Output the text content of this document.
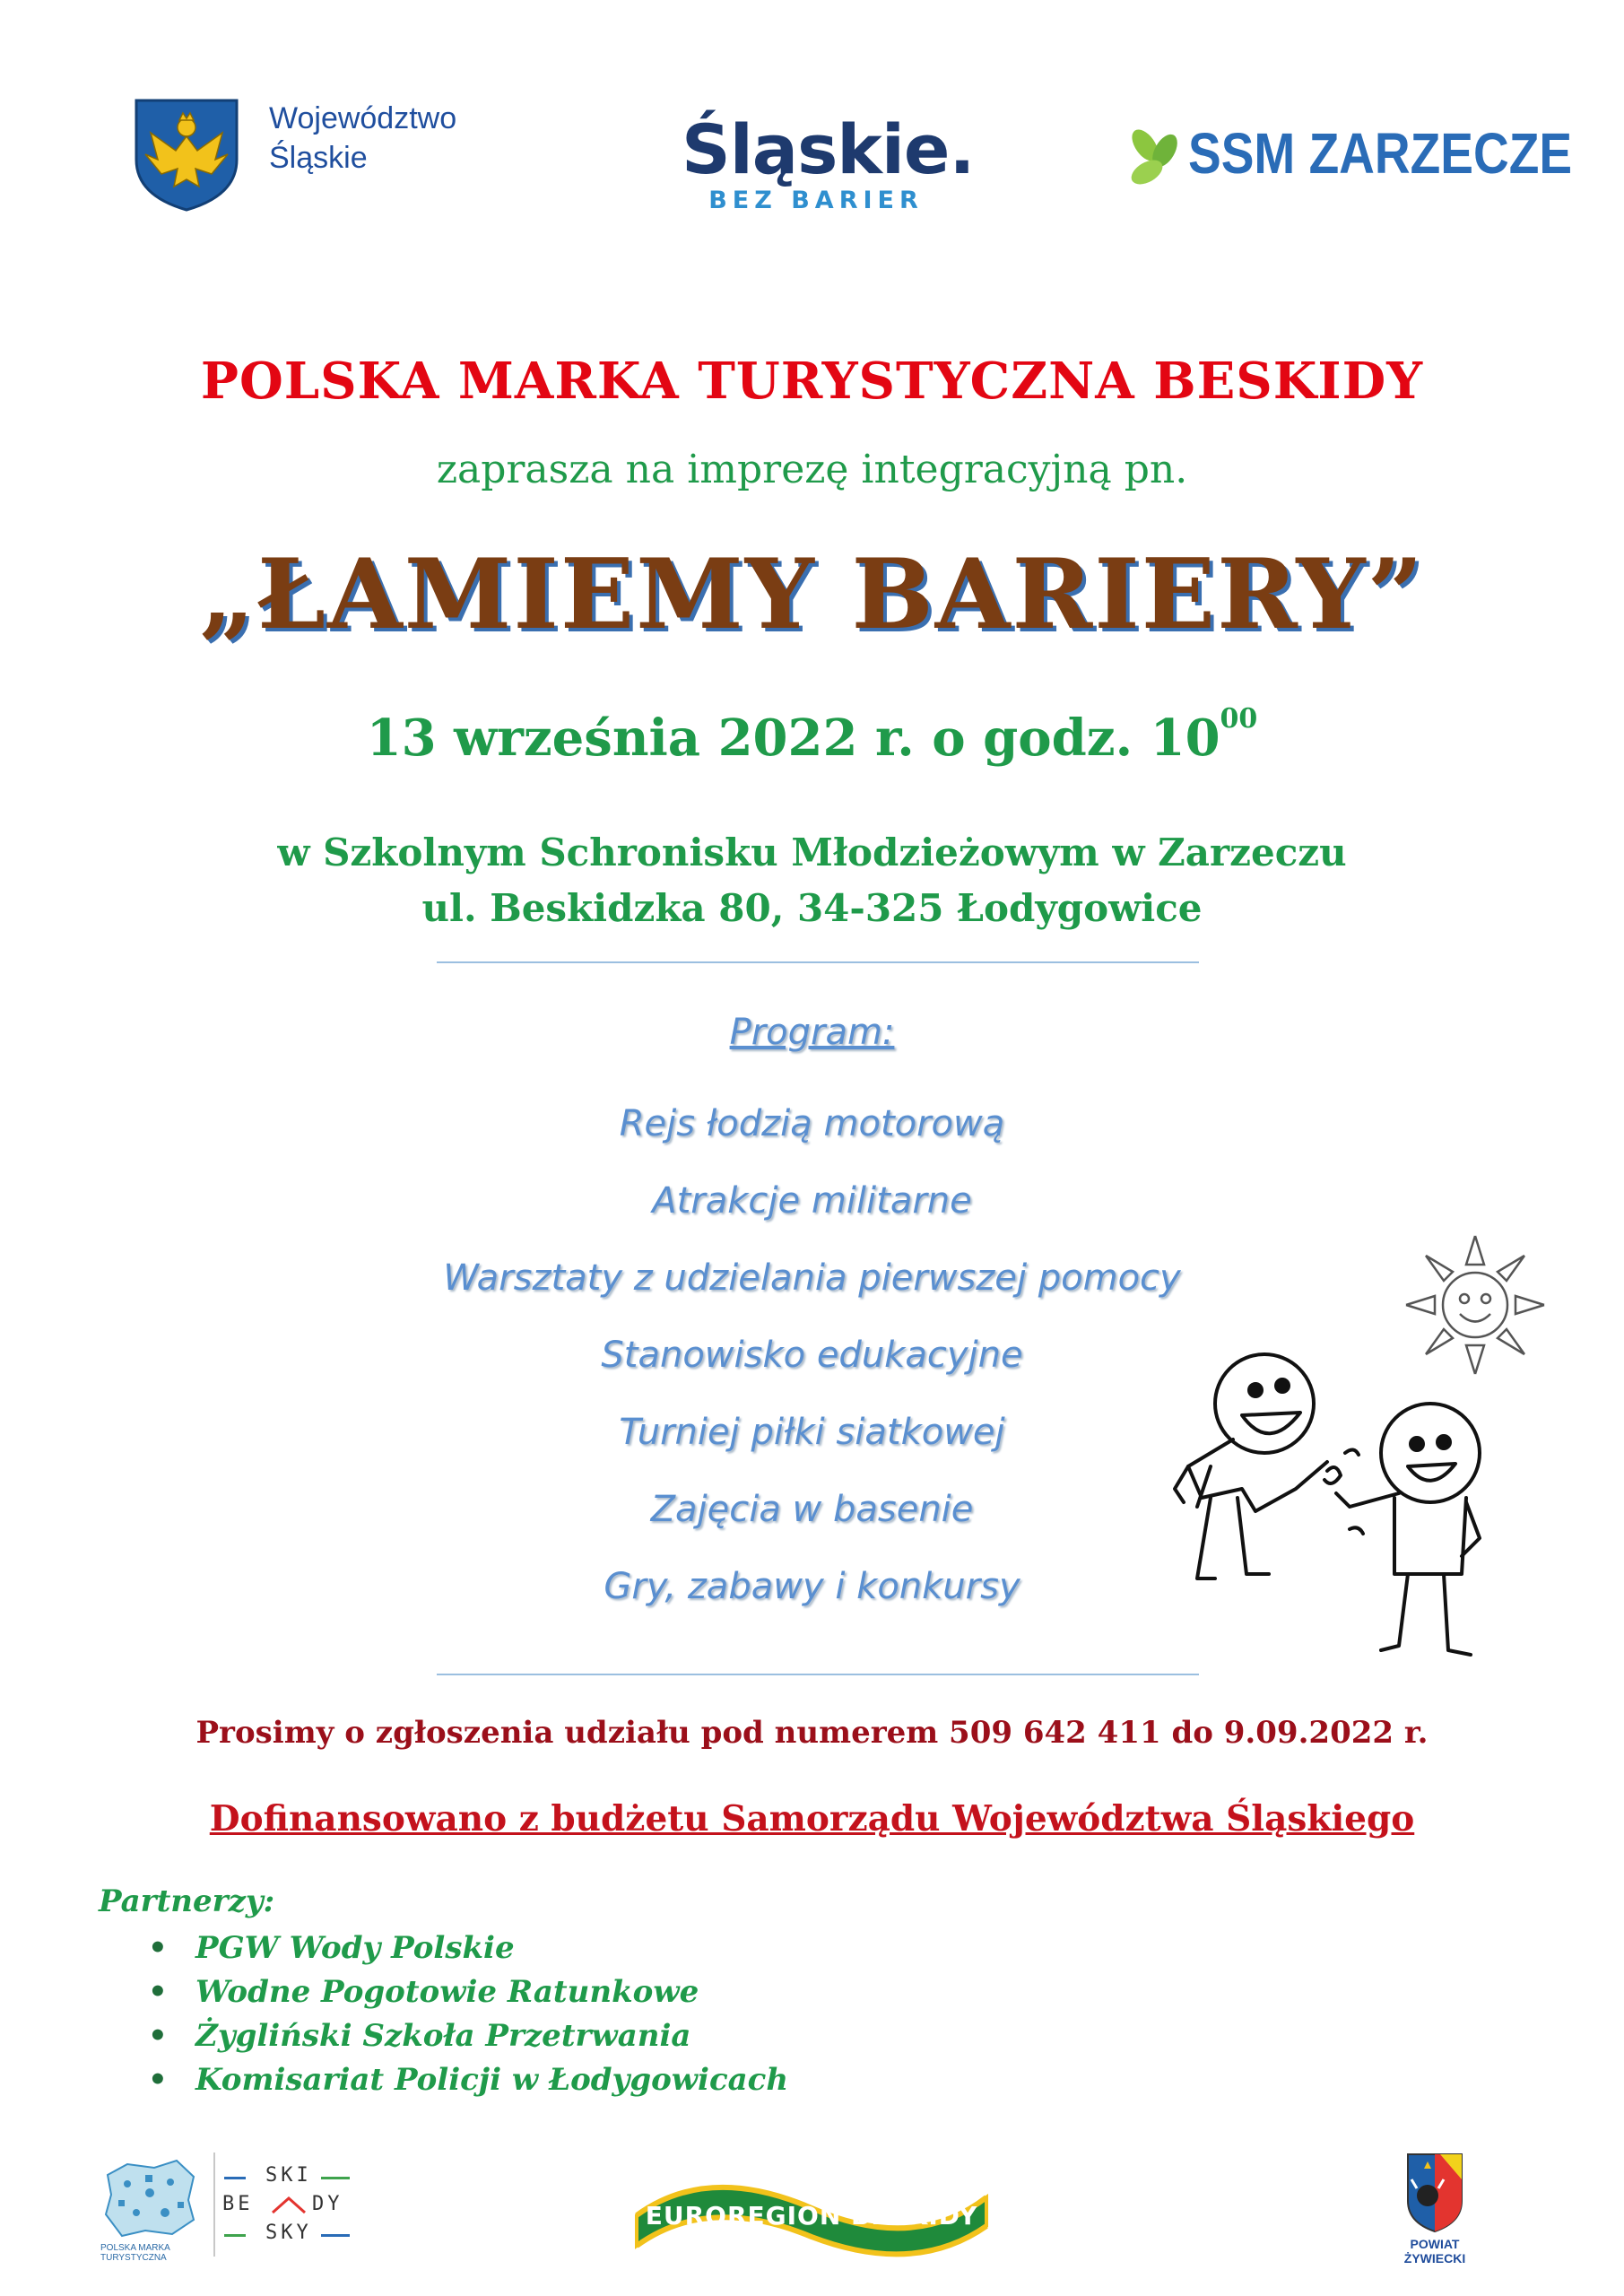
Województwo
Śląskie	Śląskie.
BEZ BARIER
SSM ZARZECZE
POLSKA MARKA TURYSTYCZNA BESKIDY
zaprasza na imprezę integracyjną pn.
„ŁAMIEMY BARIERY”
13 września 2022 r. o godz. $10^{00}$
w Szkolnym Schronisku Młodzieżowym w Zarzeczu
ul. Beskidzka 80, 34-325 Łodygowice
Program:
Rejs łodzią motorową
Atrakcje militarne
Warsztaty z udzielania pierwszej pomocy
Stanowisko edukacyjne
Turniej piłki siatkowej
Zajęcia w basenie
Gry, zabawy i konkursy
Prosimy o zgłoszenia udziału pod numerem 509 642 411 do 9.09.2022 r.
Dofinansowano z budżetu Samorządu Województwa Śląskiego
Partnerzy:
• PGW Wody Polskie
• Wodne Pogotowie Ratunkowe
• Żygliński Szkoła Przetrwania
• Komisariat Policji w Łodygowicach
POLSKA MARKA TURYSTYCZNA
SKI
BE	DY
SKY
EUROREGION BESKIDY
POWIAT ŻYWIECKI
